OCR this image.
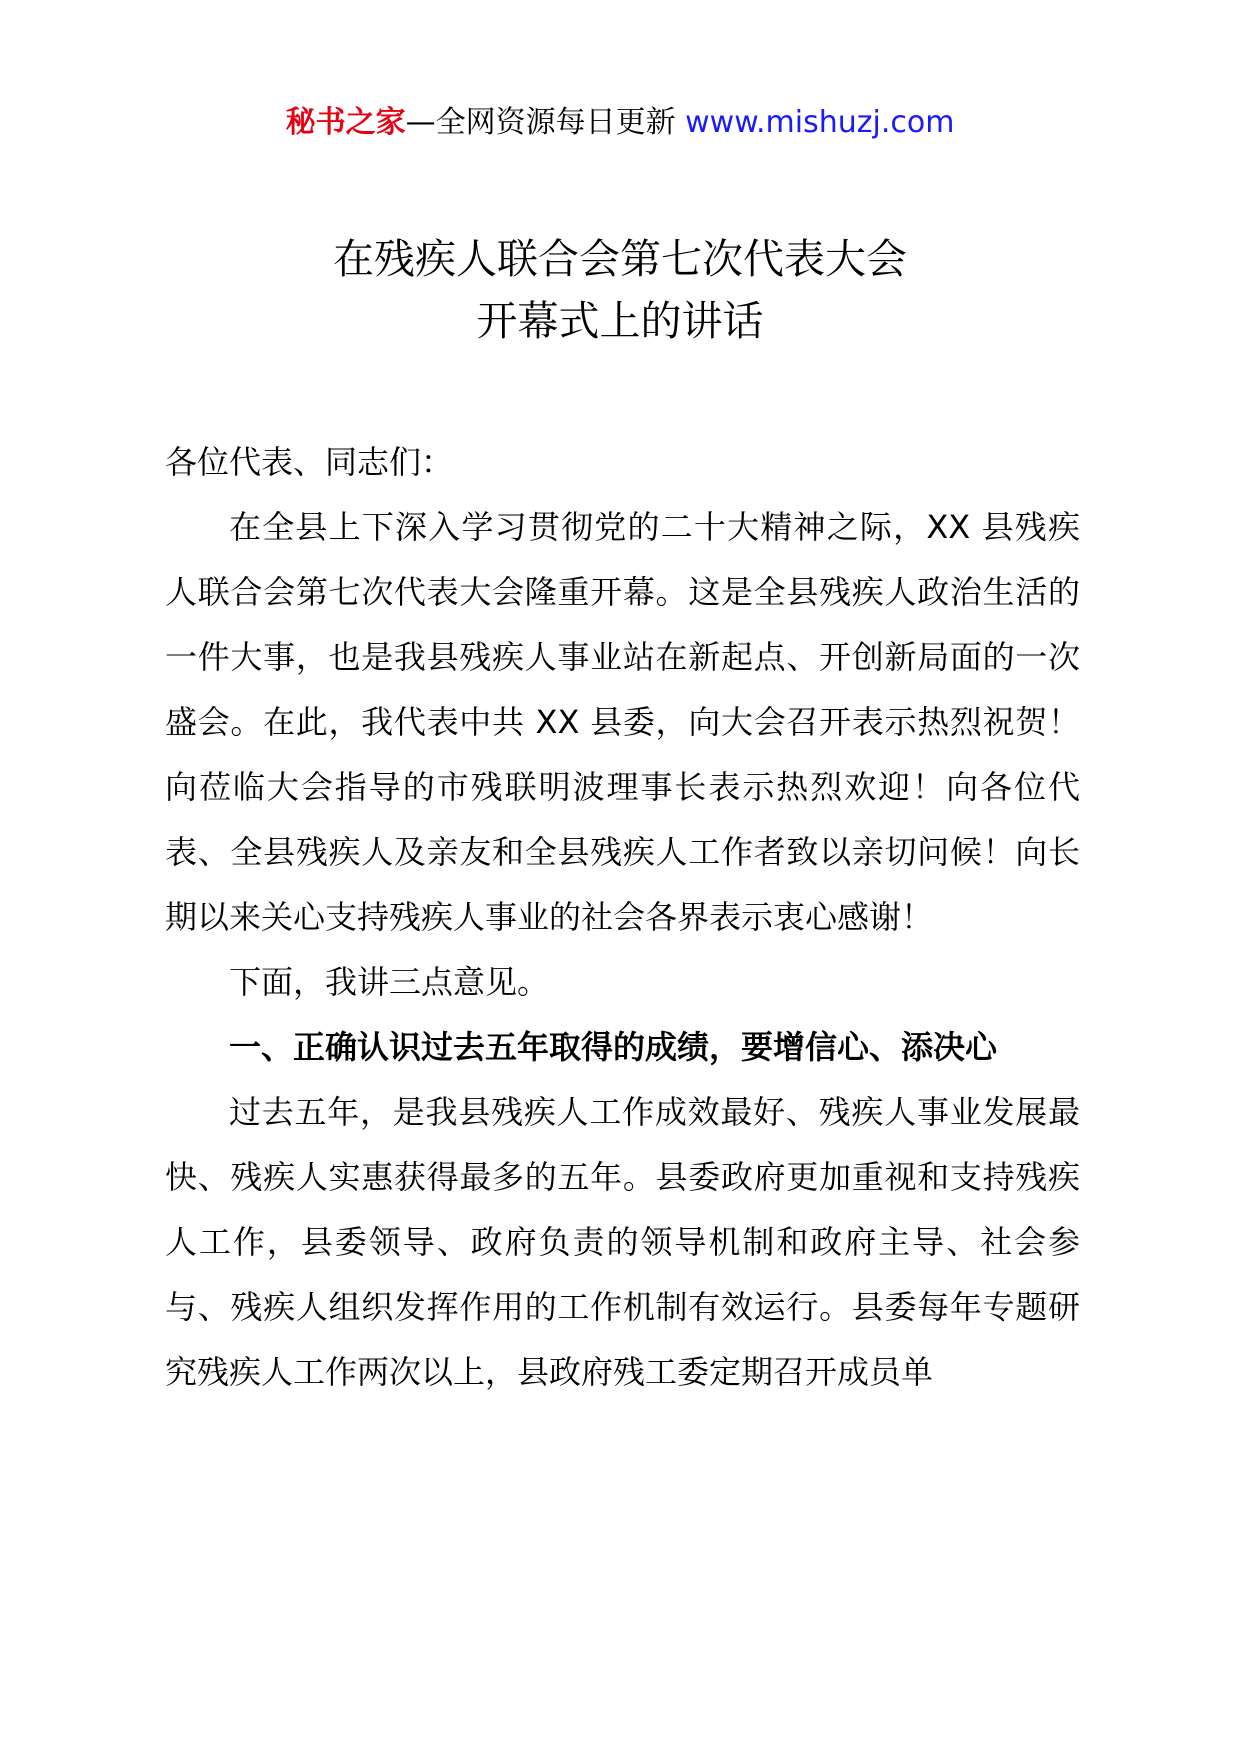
秘书之家—全网资源每日更新 www.mishuzj.com
在残疾人联合会第七次代表大会
开幕式上的讲话

各位代表、同志们：

在全县上下深入学习贯彻党的二十大精神之际，XX 县残疾人联合会第七次代表大会隆重开幕。这是全县残疾人政治生活的一件大事，也是我县残疾人事业站在新起点、开创新局面的一次盛会。在此，我代表中共 XX 县委，向大会召开表示热烈祝贺！向莅临大会指导的市残联明波理事长表示热烈欢迎！向各位代表、全县残疾人及亲友和全县残疾人工作者致以亲切问候！向长期以来关心支持残疾人事业的社会各界表示衷心感谢！

下面，我讲三点意见。

一、正确认识过去五年取得的成绩，要增信心、添决心

过去五年，是我县残疾人工作成效最好、残疾人事业发展最快、残疾人实惠获得最多的五年。县委政府更加重视和支持残疾人工作，县委领导、政府负责的领导机制和政府主导、社会参与、残疾人组织发挥作用的工作机制有效运行。县委每年专题研究残疾人工作两次以上，县政府残工委定期召开成员单
